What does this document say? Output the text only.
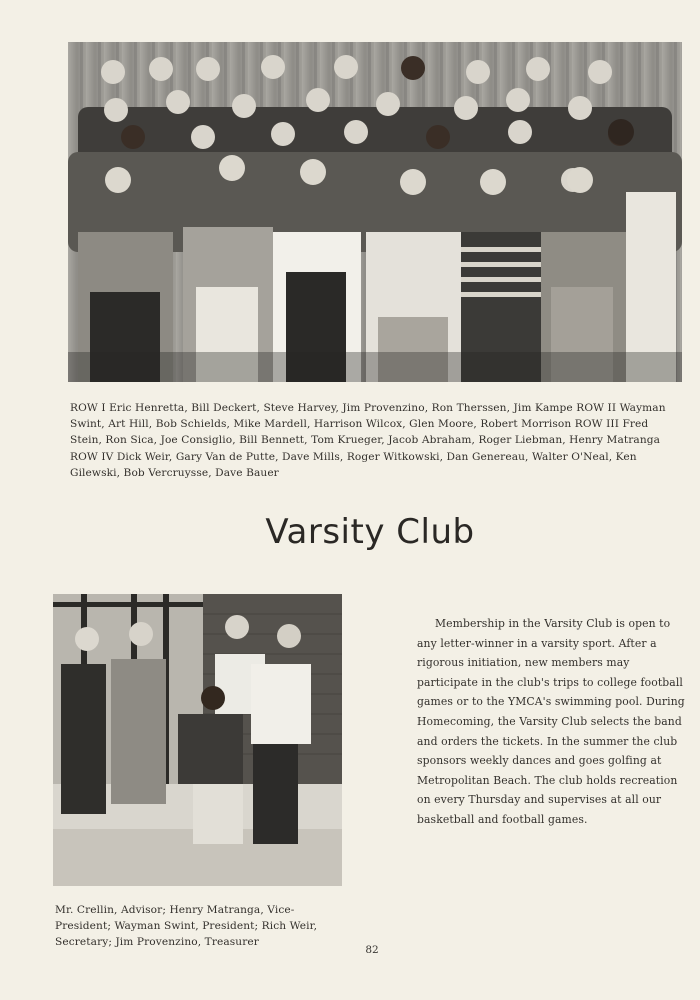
ROW I Eric Henretta, Bill Deckert, Steve Harvey, Jim Provenzino, Ron Therssen, Jim Kampe ROW II Wayman Swint, Art Hill, Bob Schields, Mike Mardell, Harrison Wilcox, Glen Moore, Robert Morrison ROW III Fred Stein, Ron Sica, Joe Consiglio, Bill Bennett, Tom Krueger, Jacob Abraham, Roger Liebman, Henry Matranga ROW IV Dick Weir, Gary Van de Putte, Dave Mills, Roger Witkowski, Dan Genereau, Walter O'Neal, Ken Gilewski, Bob Vercruysse, Dave Bauer

Varsity Club

Mr. Crellin, Advisor; Henry Matranga, Vice-President; Wayman Swint, President; Rich Weir, Secretary; Jim Provenzino, Treasurer

Membership in the Varsity Club is open to any letter-winner in a varsity sport. After a rigorous initiation, new members may participate in the club's trips to college football games or to the YMCA's swimming pool. During Homecoming, the Varsity Club selects the band and orders the tickets. In the summer the club sponsors weekly dances and goes golfing at Metropolitan Beach. The club holds recreation on every Thursday and supervises at all our basketball and football games.

82
